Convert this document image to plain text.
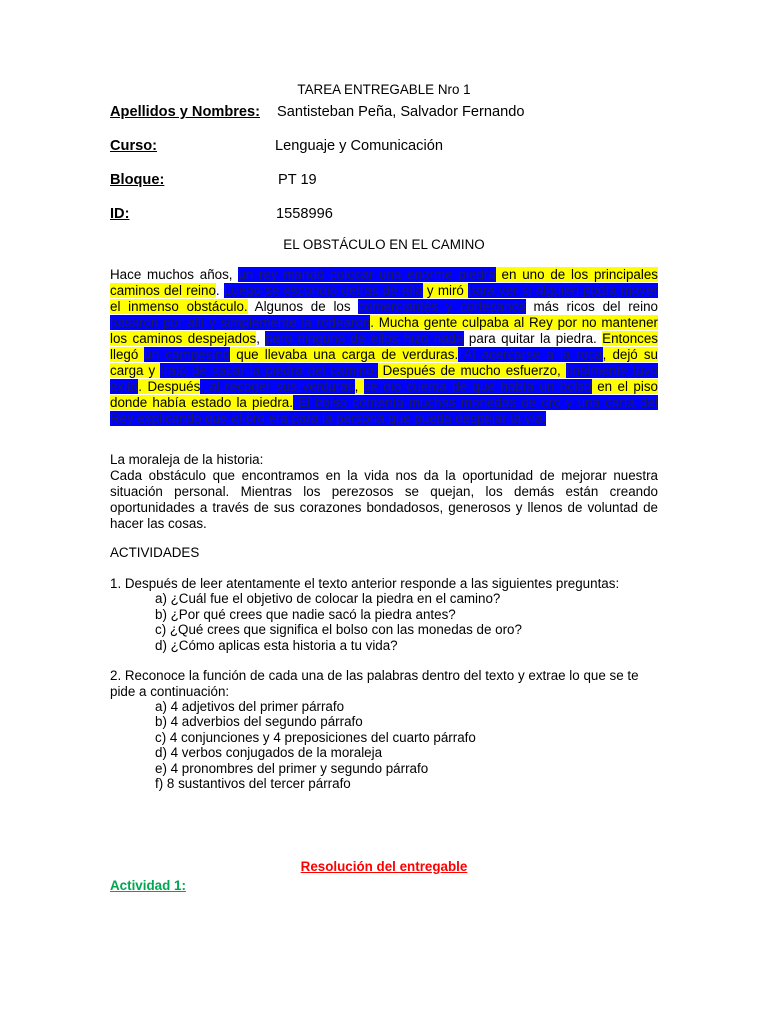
TAREA ENTREGABLE Nro 1
Apellidos y Nombres: Santisteban Peña, Salvador Fernando
Curso:	Lenguaje y Comunicación
Bloque:	PT 19
ID:	1558996
EL OBSTÁCULO EN EL CAMINO
Hace muchos años, un rey mandó colocar una enorme piedra en uno de los principales caminos del reino. Luego se escondió detrás de ella y miró para ver si alguien podía mover el inmenso obstáculo. Algunos de los comerciantes y cortesanos más ricos del reino pasaron por allí y simplemente la rodearon. Mucha gente culpaba al Rey por no mantener los caminos despejados, pero ninguno de ellos hizo nada para quitar la piedra. Entonces llegó un campesino que llevaba una carga de verduras. Al acercarse a la roca, dejó su carga y trató de sacar la piedra del camino. Después de mucho esfuerzo, finalmente tuvo éxito. Después, al recoger sus verduras, se dio cuenta de que había un bolso en el piso donde había estado la piedra. El bolso contenía muchas monedas de oro y una carta del Rey explicando que el oro era para la persona que pueda despejar la vía.
La moraleja de la historia:
Cada obstáculo que encontramos en la vida nos da la oportunidad de mejorar nuestra situación personal. Mientras los perezosos se quejan, los demás están creando oportunidades a través de sus corazones bondadosos, generosos y llenos de voluntad de hacer las cosas.
ACTIVIDADES
1. Después de leer atentamente el texto anterior responde a las siguientes preguntas:
a) ¿Cuál fue el objetivo de colocar la piedra en el camino?
b) ¿Por qué crees que nadie sacó la piedra antes?
c) ¿Qué crees que significa el bolso con las monedas de oro?
d) ¿Cómo aplicas esta historia a tu vida?
2. Reconoce la función de cada una de las palabras dentro del texto y extrae lo que se te pide a continuación:
a) 4 adjetivos del primer párrafo
b) 4 adverbios del segundo párrafo
c) 4 conjunciones y 4 preposiciones del cuarto párrafo
d) 4 verbos conjugados de la moraleja
e) 4 pronombres del primer y segundo párrafo
f) 8 sustantivos del tercer párrafo
Resolución del entregable
Actividad 1:
